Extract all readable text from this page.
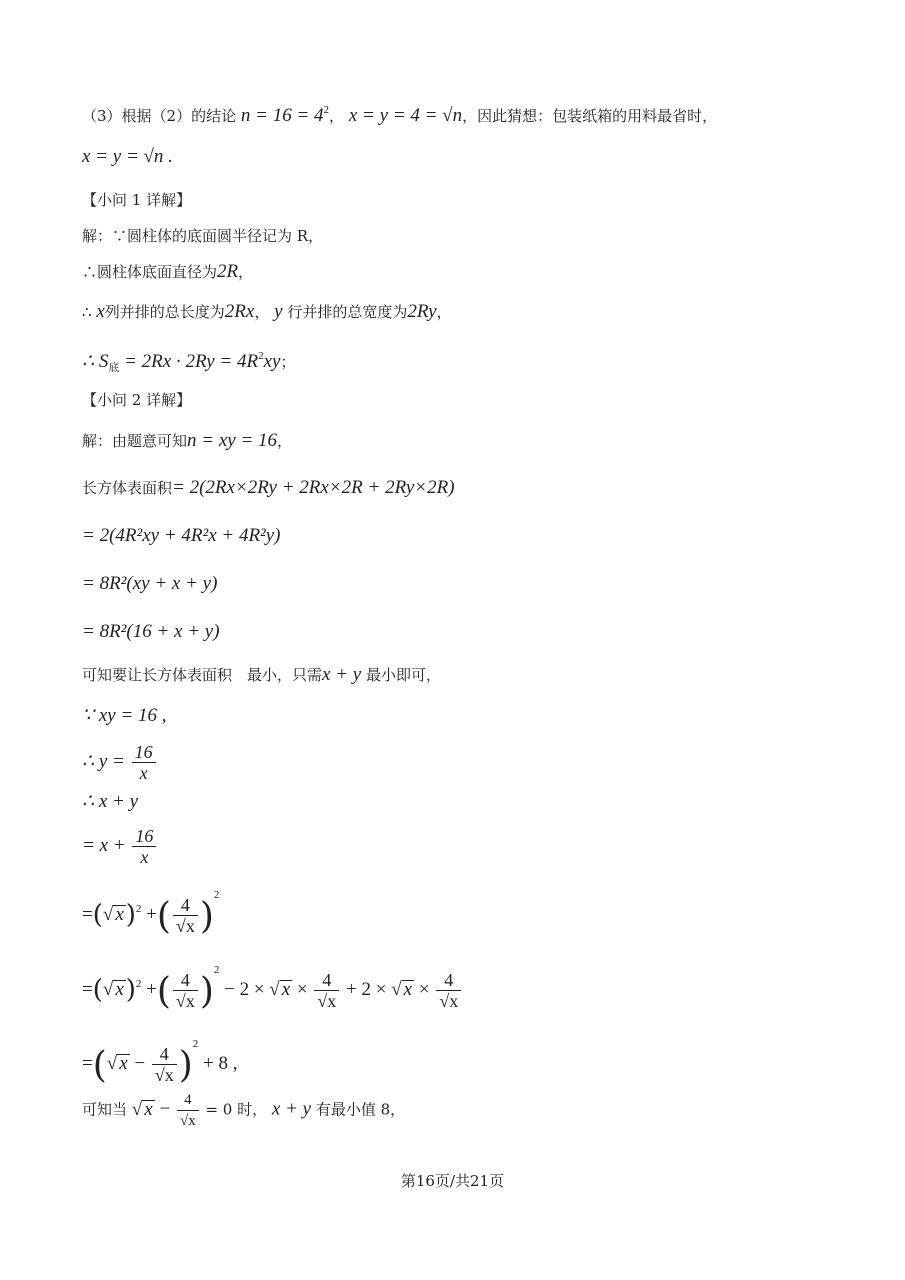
（3）根据（2）的结论 $n = 16 = 4^2$， x = y = 4 = √n，因此猜想：包装纸箱的用料最省时，
x = y = √n .
【小问 1 详解】
解：∵圆柱体的底面圆半径记为 R，
∴圆柱体底面直径为2R，
∴ x列并排的总长度为2Rx， y 行并排的总宽度为2Ry，
∴ $S_底 = 2Rx \cdot 2Ry = 4R^2xy$；
【小问 2 详解】
解：由题意可知n = xy = 16，
长方体表面积= 2(2Rx×2Ry + 2Rx×2R + 2Ry×2R)
= 2(4R²xy + 4R²x + 4R²y)
= 8R²(xy + x + y)
= 8R²(16 + x + y)
可知要让长方体表面积　最小，只需x + y 最小即可，
∵ xy = 16 ,
∴ $y = \frac{16}{x}$
∴ x + y
= $x + \frac{16}{x}$
=(√ x)$^2$ +( $\frac{4}{√x} )^2$
=(√ x)$^2$ +( $\frac{4}{√x} )^2 - 2$ × √ $x \times \frac{4}{√x} + 2$ × √ $x \times \frac{4}{√x}$
=(√ $x - \frac{4}{√x} )^2 + 8$ ,
可知当 √ $x - \frac{4}{√x} = 0$ 时， x + y 有最小值 8，
第16页/共21页
